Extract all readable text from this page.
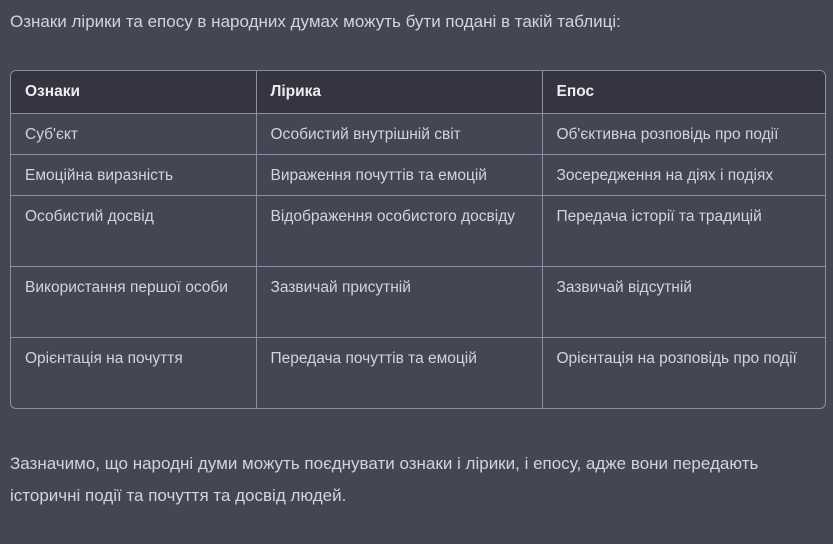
Ознаки лірики та епосу в народних думах можуть бути подані в такій таблиці:

Ознаки	Лірика	Епос
Суб'єкт	Особистий внутрішній світ	Об'єктивна розповідь про події
Емоційна виразність	Вираження почуттів та емоцій	Зосередження на діях і подіях
Особистий досвід	Відображення особистого досвіду	Передача історії та традицій
Використання першої особи	Зазвичай присутній	Зазвичай відсутній
Орієнтація на почуття	Передача почуттів та емоцій	Орієнтація на розповідь про події

Зазначимо, що народні думи можуть поєднувати ознаки і лірики, і епосу, адже вони передають історичні події та почуття та досвід людей.
